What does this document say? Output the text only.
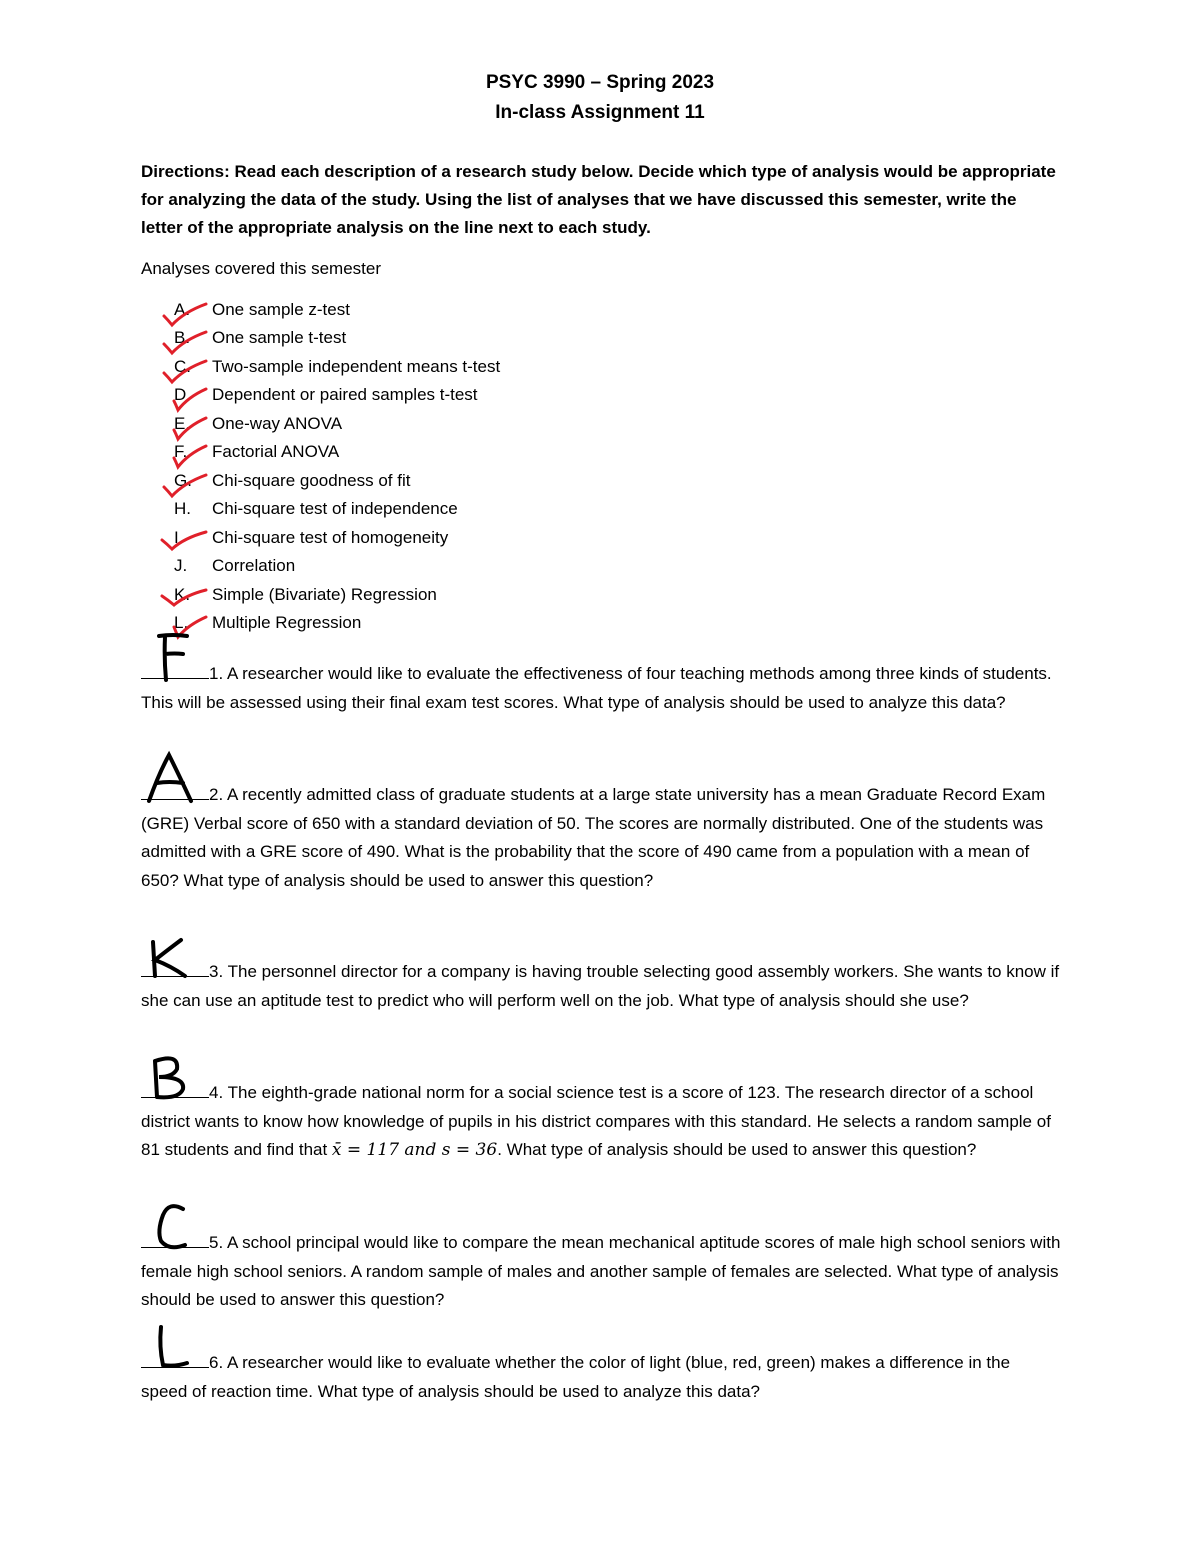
PSYC 3990 – Spring 2023
In-class Assignment 11
Directions: Read each description of a research study below. Decide which type of analysis would be appropriate for analyzing the data of the study. Using the list of analyses that we have discussed this semester, write the letter of the appropriate analysis on the line next to each study.
Analyses covered this semester
A. One sample z-test
B. One sample t-test
C. Two-sample independent means t-test
D. Dependent or paired samples t-test
E. One-way ANOVA
F. Factorial ANOVA
G. Chi-square goodness of fit
H. Chi-square test of independence
I. Chi-square test of homogeneity
J. Correlation
K. Simple (Bivariate) Regression
L. Multiple Regression
1. A researcher would like to evaluate the effectiveness of four teaching methods among three kinds of students. This will be assessed using their final exam test scores. What type of analysis should be used to analyze this data?
2. A recently admitted class of graduate students at a large state university has a mean Graduate Record Exam (GRE) Verbal score of 650 with a standard deviation of 50. The scores are normally distributed. One of the students was admitted with a GRE score of 490. What is the probability that the score of 490 came from a population with a mean of 650? What type of analysis should be used to answer this question?
3. The personnel director for a company is having trouble selecting good assembly workers. She wants to know if she can use an aptitude test to predict who will perform well on the job. What type of analysis should she use?
4. The eighth-grade national norm for a social science test is a score of 123. The research director of a school district wants to know how knowledge of pupils in his district compares with this standard. He selects a random sample of 81 students and find that x̄ = 117 and s = 36. What type of analysis should be used to answer this question?
5. A school principal would like to compare the mean mechanical aptitude scores of male high school seniors with female high school seniors. A random sample of males and another sample of females are selected. What type of analysis should be used to answer this question?
6. A researcher would like to evaluate whether the color of light (blue, red, green) makes a difference in the speed of reaction time. What type of analysis should be used to analyze this data?
